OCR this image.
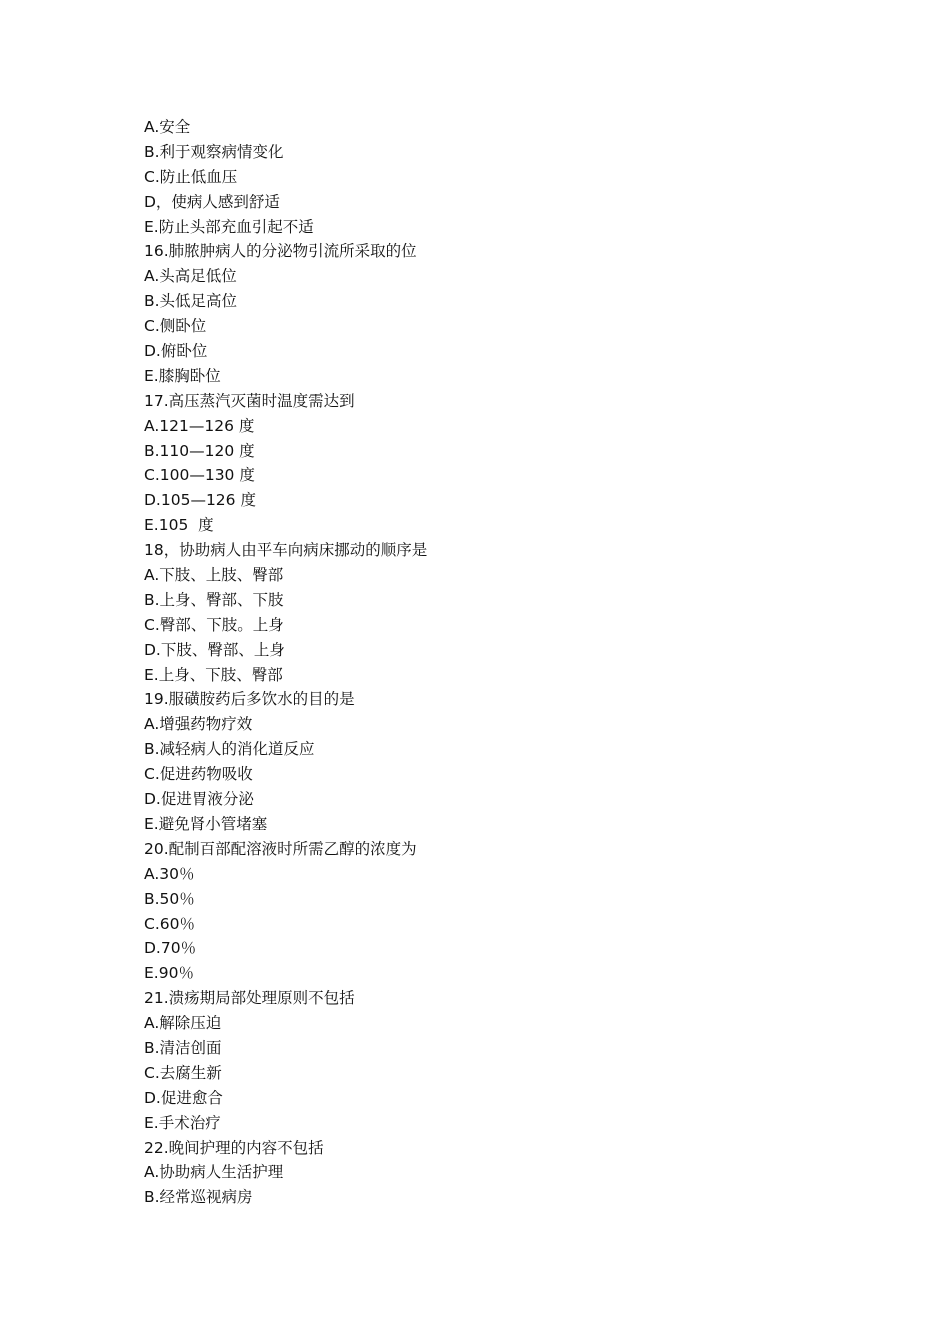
A.安全
B.利于观察病情变化
C.防止低血压
D，使病人感到舒适
E.防止头部充血引起不适
16.肺脓肿病人的分泌物引流所采取的位
A.头高足低位
B.头低足高位
C.侧卧位
D.俯卧位
E.膝胸卧位
17.高压蒸汽灭菌时温度需达到
A.121—126 度
B.110—120 度
C.100—130 度
D.105—126 度
E.105  度
18，协助病人由平车向病床挪动的顺序是
A.下肢、上肢、臀部
B.上身、臀部、下肢
C.臀部、下肢。上身
D.下肢、臀部、上身
E.上身、下肢、臀部
19.服磺胺药后多饮水的目的是
A.增强药物疗效
B.减轻病人的消化道反应
C.促进药物吸收
D.促进胃液分泌
E.避免肾小管堵塞
20.配制百部配溶液时所需乙醇的浓度为
A.30％
B.50％
C.60％
D.70％
E.90％
21.溃疡期局部处理原则不包括
A.解除压迫
B.清洁创面
C.去腐生新
D.促进愈合
E.手术治疗
22.晚间护理的内容不包括
A.协助病人生活护理
B.经常巡视病房
